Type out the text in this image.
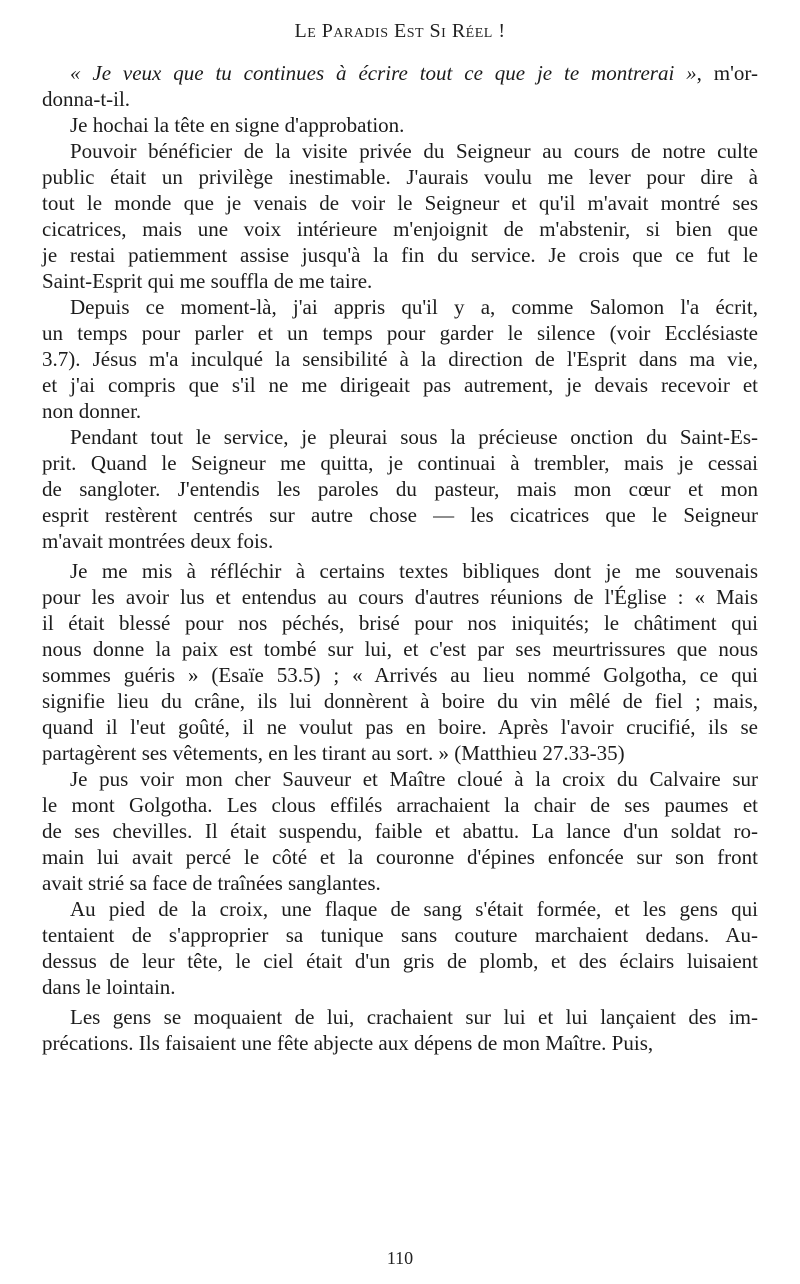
Le Paradis Est Si Réel !
« Je veux que tu continues à écrire tout ce que je te montrerai », m'or-
donna-t-il.
Je hochai la tête en signe d'approbation.
Pouvoir bénéficier de la visite privée du Seigneur au cours de notre culte
public était un privilège inestimable. J'aurais voulu me lever pour dire à
tout le monde que je venais de voir le Seigneur et qu'il m'avait montré ses
cicatrices, mais une voix intérieure m'enjoignit de m'abstenir, si bien que
je restai patiemment assise jusqu'à la fin du service. Je crois que ce fut le
Saint-Esprit qui me souffla de me taire.
Depuis ce moment-là, j'ai appris qu'il y a, comme Salomon l'a écrit,
un temps pour parler et un temps pour garder le silence (voir Ecclésiaste
3.7). Jésus m'a inculqué la sensibilité à la direction de l'Esprit dans ma vie,
et j'ai compris que s'il ne me dirigeait pas autrement, je devais recevoir et
non donner.
Pendant tout le service, je pleurai sous la précieuse onction du Saint-Es-
prit. Quand le Seigneur me quitta, je continuai à trembler, mais je cessai
de sangloter. J'entendis les paroles du pasteur, mais mon cœur et mon
esprit restèrent centrés sur autre chose — les cicatrices que le Seigneur
m'avait montrées deux fois.
Je me mis à réfléchir à certains textes bibliques dont je me souvenais
pour les avoir lus et entendus au cours d'autres réunions de l'Église : « Mais
il était blessé pour nos péchés, brisé pour nos iniquités; le châtiment qui
nous donne la paix est tombé sur lui, et c'est par ses meurtrissures que nous
sommes guéris » (Esaïe 53.5) ; « Arrivés au lieu nommé Golgotha, ce qui
signifie lieu du crâne, ils lui donnèrent à boire du vin mêlé de fiel ; mais,
quand il l'eut goûté, il ne voulut pas en boire. Après l'avoir crucifié, ils se
partagèrent ses vêtements, en les tirant au sort. » (Matthieu 27.33-35)
Je pus voir mon cher Sauveur et Maître cloué à la croix du Calvaire sur
le mont Golgotha. Les clous effilés arrachaient la chair de ses paumes et
de ses chevilles. Il était suspendu, faible et abattu. La lance d'un soldat ro-
main lui avait percé le côté et la couronne d'épines enfoncée sur son front
avait strié sa face de traînées sanglantes.
Au pied de la croix, une flaque de sang s'était formée, et les gens qui
tentaient de s'approprier sa tunique sans couture marchaient dedans. Au-
dessus de leur tête, le ciel était d'un gris de plomb, et des éclairs luisaient
dans le lointain.
Les gens se moquaient de lui, crachaient sur lui et lui lançaient des im-
précations. Ils faisaient une fête abjecte aux dépens de mon Maître. Puis,
110
